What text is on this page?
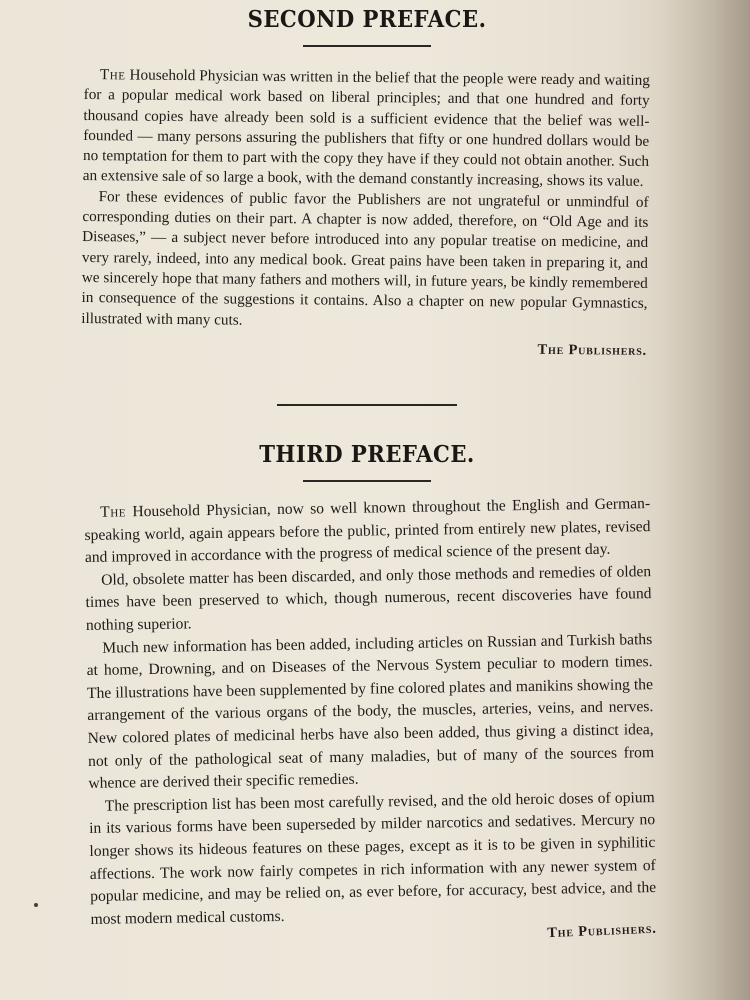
SECOND PREFACE.

The Household Physician was written in the belief that the people were ready and waiting for a popular medical work based on liberal principles; and that one hundred and forty thousand copies have already been sold is a sufficient evidence that the belief was well-founded — many persons assuring the publishers that fifty or one hundred dollars would be no temptation for them to part with the copy they have if they could not obtain another. Such an extensive sale of so large a book, with the demand constantly increasing, shows its value.

For these evidences of public favor the Publishers are not ungrateful or unmindful of corresponding duties on their part. A chapter is now added, therefore, on “Old Age and its Diseases,” — a subject never before introduced into any popular treatise on medicine, and very rarely, indeed, into any medical book. Great pains have been taken in preparing it, and we sincerely hope that many fathers and mothers will, in future years, be kindly remembered in consequence of the suggestions it contains. Also a chapter on new popular Gymnastics, illustrated with many cuts.

The Publishers.
THIRD PREFACE.

The Household Physician, now so well known throughout the English and German-speaking world, again appears before the public, printed from entirely new plates, revised and improved in accordance with the progress of medical science of the present day.

Old, obsolete matter has been discarded, and only those methods and remedies of olden times have been preserved to which, though numerous, recent discoveries have found nothing superior.

Much new information has been added, including articles on Russian and Turkish baths at home, Drowning, and on Diseases of the Nervous System peculiar to modern times. The illustrations have been supplemented by fine colored plates and manikins showing the arrangement of the various organs of the body, the muscles, arteries, veins, and nerves. New colored plates of medicinal herbs have also been added, thus giving a distinct idea, not only of the pathological seat of many maladies, but of many of the sources from whence are derived their specific remedies.

The prescription list has been most carefully revised, and the old heroic doses of opium in its various forms have been superseded by milder narcotics and sedatives. Mercury no longer shows its hideous features on these pages, except as it is to be given in syphilitic affections. The work now fairly competes in rich information with any newer system of popular medicine, and may be relied on, as ever before, for accuracy, best advice, and the most modern medical customs.

The Publishers.
